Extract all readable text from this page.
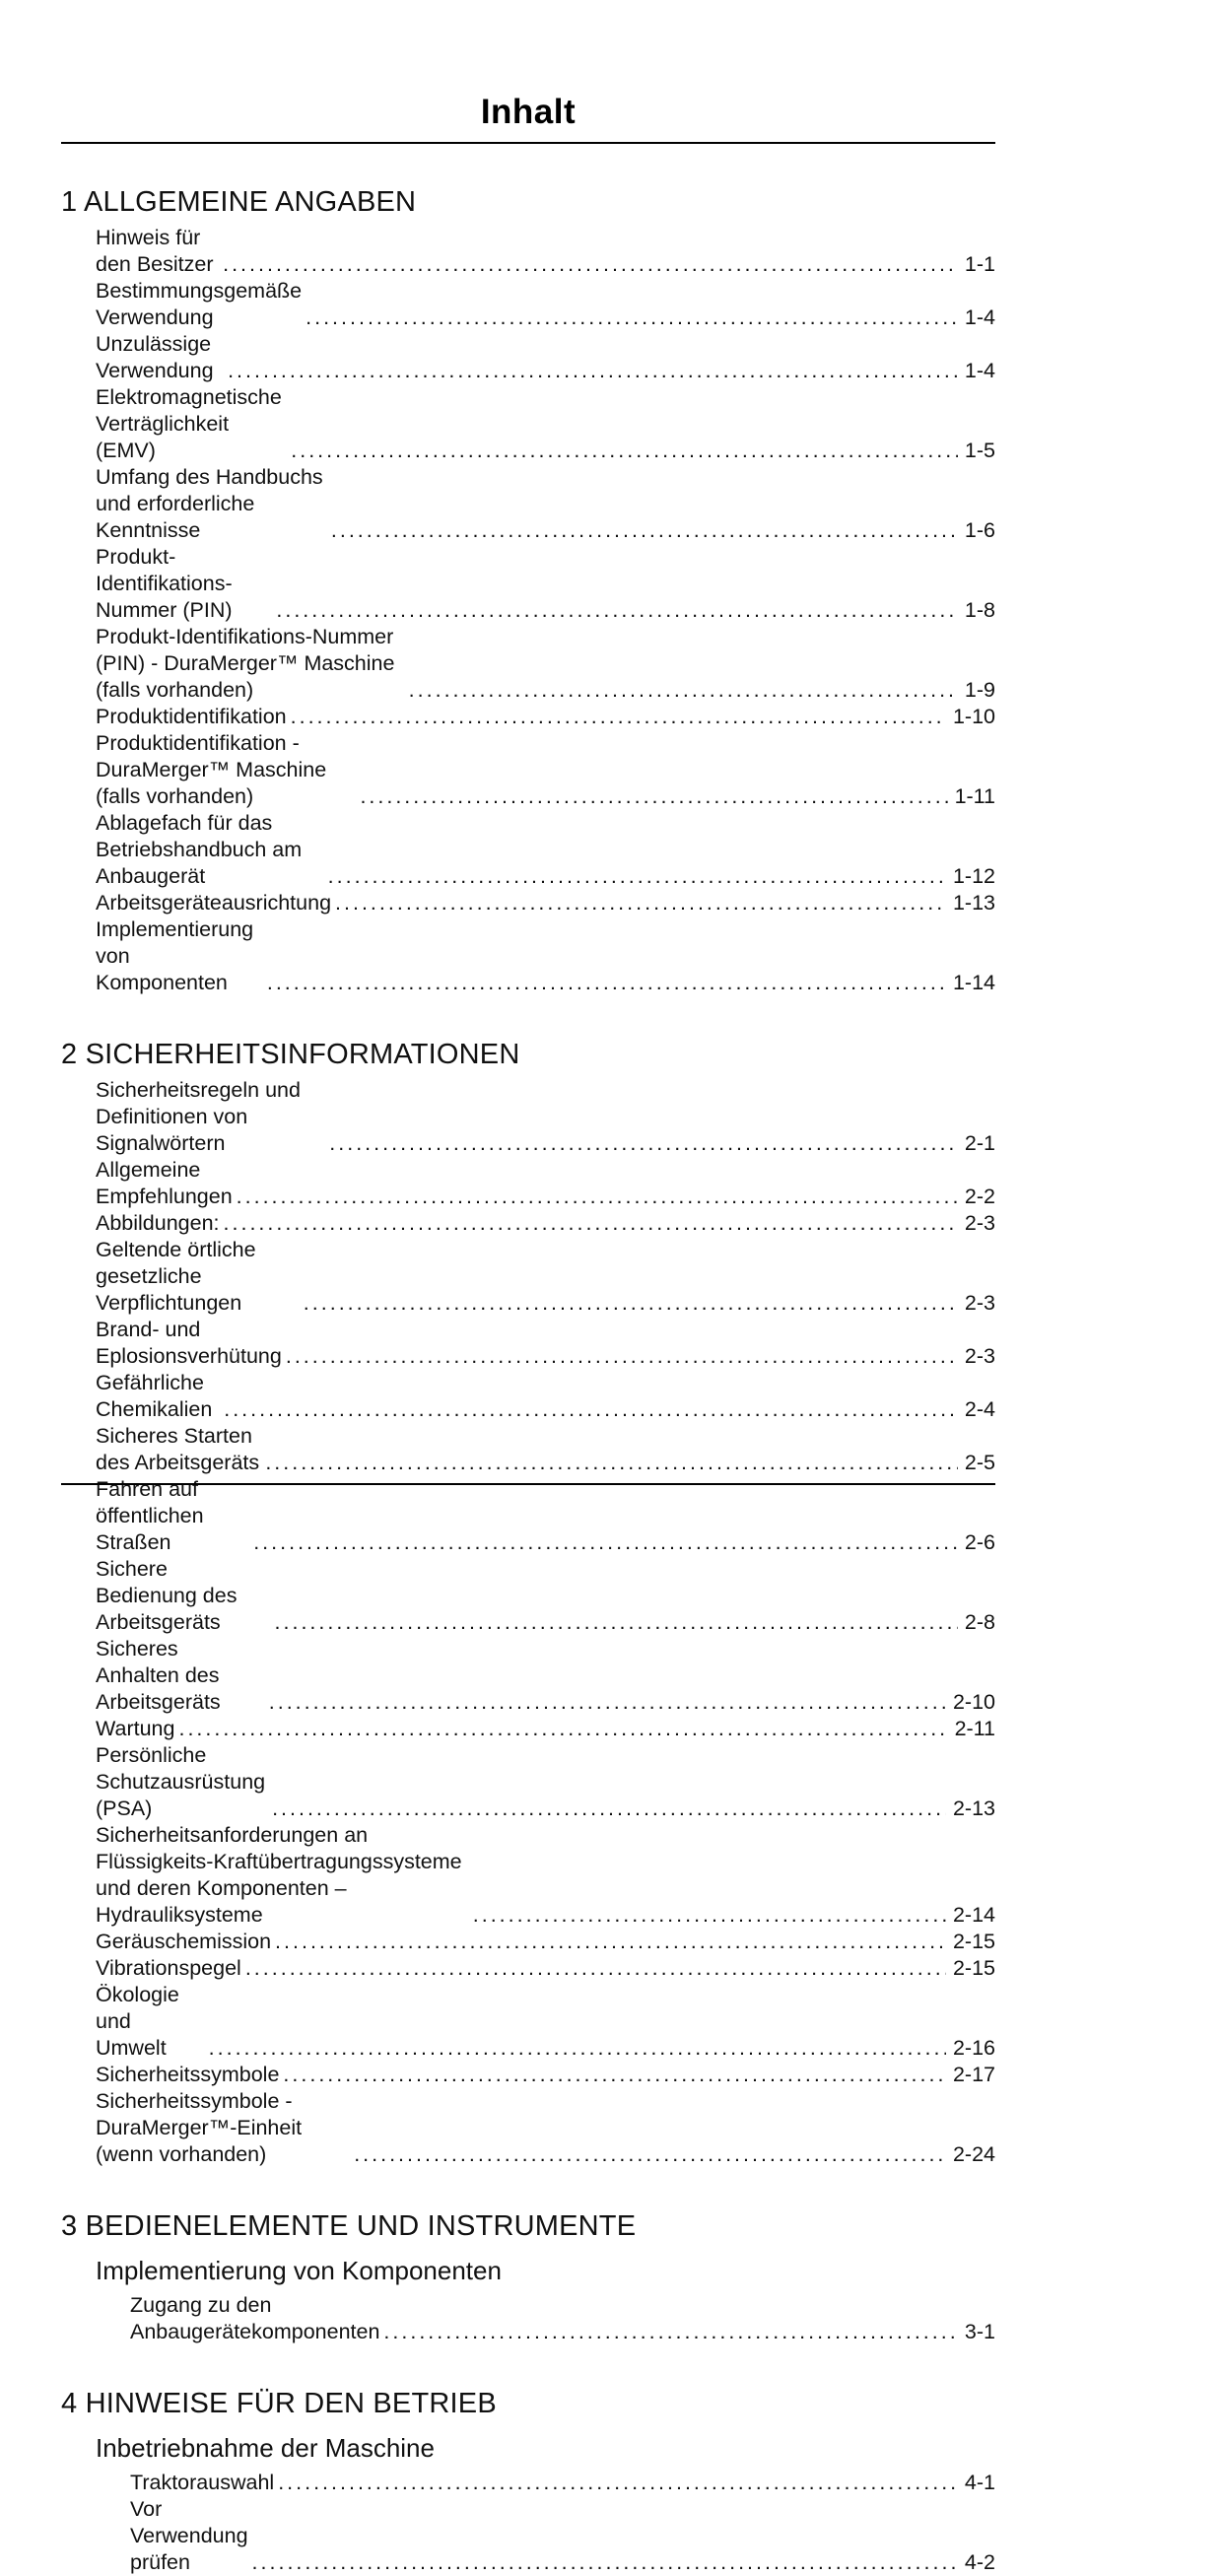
Inhalt
1 ALLGEMEINE ANGABEN
Hinweis für den Besitzer .....	1-1
Bestimmungsgemäße Verwendung .....	1-4
Unzulässige Verwendung .....	1-4
Elektromagnetische Verträglichkeit (EMV) .....	1-5
Umfang des Handbuchs und erforderliche Kenntnisse .....	1-6
Produkt-Identifikations-Nummer (PIN) .....	1-8
Produkt-Identifikations-Nummer (PIN) - DuraMerger™ Maschine (falls vorhanden) .....	1-9
Produktidentifikation .....	1-10
Produktidentifikation - DuraMerger™ Maschine (falls vorhanden) .....	1-11
Ablagefach für das Betriebshandbuch am Anbaugerät .....	1-12
Arbeitsgeräteausrichtung .....	1-13
Implementierung von Komponenten .....	1-14
2 SICHERHEITSINFORMATIONEN
Sicherheitsregeln und Definitionen von Signalwörtern .....	2-1
Allgemeine Empfehlungen .....	2-2
Abbildungen: .....	2-3
Geltende örtliche gesetzliche Verpflichtungen .....	2-3
Brand- und Eplosionsverhütung .....	2-3
Gefährliche Chemikalien .....	2-4
Sicheres Starten des Arbeitsgeräts .....	2-5
Fahren auf öffentlichen Straßen .....	2-6
Sichere Bedienung des Arbeitsgeräts .....	2-8
Sicheres Anhalten des Arbeitsgeräts .....	2-10
Wartung .....	2-11
Persönliche Schutzausrüstung (PSA) .....	2-13
Sicherheitsanforderungen an Flüssigkeits-Kraftübertragungssysteme und deren Komponenten – Hydrauliksysteme .....	2-14
Geräuschemission .....	2-15
Vibrationspegel .....	2-15
Ökologie und Umwelt .....	2-16
Sicherheitssymbole .....	2-17
Sicherheitssymbole - DuraMerger™-Einheit (wenn vorhanden) .....	2-24
3 BEDIENELEMENTE UND INSTRUMENTE
Implementierung von Komponenten
Zugang zu den Anbaugerätekomponenten .....	3-1
4 HINWEISE FÜR DEN BETRIEB
Inbetriebnahme der Maschine
Traktorauswahl .....	4-1
Vor Verwendung prüfen .....	4-2
